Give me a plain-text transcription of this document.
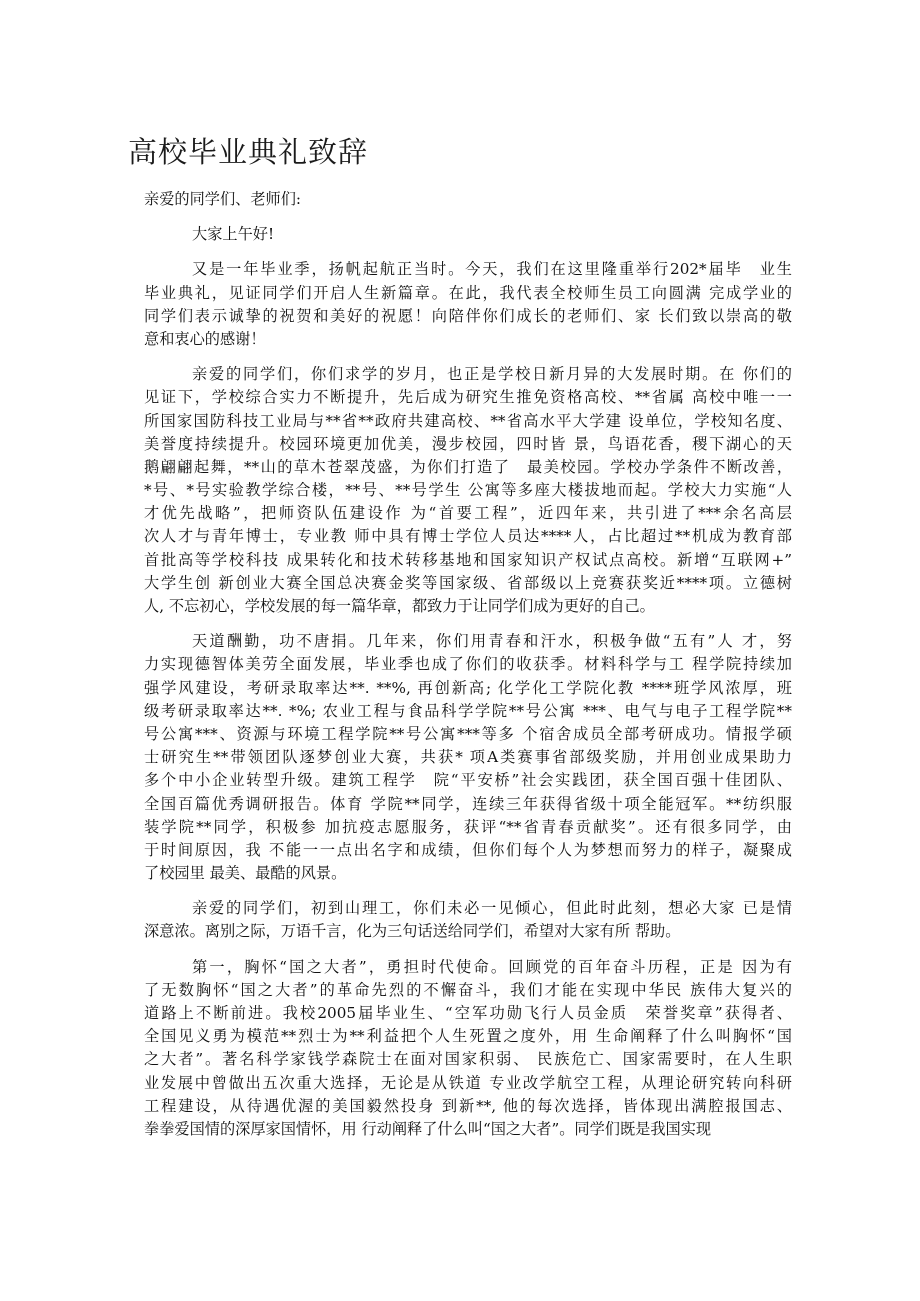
高校毕业典礼致辞
亲爱的同学们、老师们:
大家上午好!
又是一年毕业季，扬帆起航正当时。今天，我们在这里隆重举行202*届毕　业生
毕业典礼，见证同学们开启人生新篇章。在此，我代表全校师生员工向圆满 完成学业的
同学们表示诚挚的祝贺和美好的祝愿！向陪伴你们成长的老师们、家 长们致以崇高的敬
意和衷心的感谢！
亲爱的同学们，你们求学的岁月，也正是学校日新月异的大发展时期。在 你们的
见证下，学校综合实力不断提升，先后成为研究生推免资格高校、**省属 高校中唯一一
所国家国防科技工业局与**省**政府共建高校、**省高水平大学建 设单位，学校知名度、
美誉度持续提升。校园环境更加优美，漫步校园，四时皆 景，鸟语花香，稷下湖心的天
鹅翩翩起舞，**山的草木苍翠茂盛，为你们打造了　最美校园。学校办学条件不断改善，
*号、*号实验教学综合楼，**号、**号学生 公寓等多座大楼拔地而起。学校大力实施“人
才优先战略”，把师资队伍建设作 为“首要工程”，近四年来，共引进了***余名高层
次人才与青年博士，专业教 师中具有博士学位人员达****人，占比超过**机成为教育部
首批高等学校科技 成果转化和技术转移基地和国家知识产权试点高校。新增“互联网+”
大学生创 新创业大赛全国总决赛金奖等国家级、省部级以上竞赛获奖近****项。立德树
人, 不忘初心，学校发展的每一篇华章，都致力于让同学们成为更好的自己。
天道酬勤，功不唐捐。几年来，你们用青春和汗水，积极争做“五有”人 才，努
力实现德智体美劳全面发展，毕业季也成了你们的收获季。材料科学与工 程学院持续加
强学风建设，考研录取率达**. **%, 再创新高; 化学化工学院化教 ****班学风浓厚，班
级考研录取率达**. *%; 农业工程与食品科学学院**号公寓 ***、电气与电子工程学院**
号公寓***、资源与环境工程学院**号公寓***等多 个宿舍成员全部考研成功。情报学硕
士研究生**带领团队逐梦创业大赛，共获* 项A类赛事省部级奖励，并用创业成果助力
多个中小企业转型升级。建筑工程学　院“平安桥”社会实践团，获全国百强十佳团队、
全国百篇优秀调研报告。体育 学院**同学，连续三年获得省级十项全能冠军。**纺织服
装学院**同学，积极参 加抗疫志愿服务，获评“**省青春贡献奖”。还有很多同学，由
于时间原因，我 不能一一点出名字和成绩，但你们每个人为梦想而努力的样子，凝聚成
了校园里 最美、最酷的风景。
亲爱的同学们，初到山理工，你们未必一见倾心，但此时此刻，想必大家 已是情
深意浓。离别之际，万语千言，化为三句话送给同学们，希望对大家有所 帮助。
第一，胸怀“国之大者”，勇担时代使命。回顾党的百年奋斗历程，正是 因为有
了无数胸怀“国之大者”的革命先烈的不懈奋斗，我们才能在实现中华民 族伟大复兴的
道路上不断前进。我校2005届毕业生、“空军功勋飞行人员金质　荣誉奖章”获得者、
全国见义勇为模范**烈士为**利益把个人生死置之度外，用 生命阐释了什么叫胸怀“国
之大者”。著名科学家钱学森院士在面对国家积弱、 民族危亡、国家需要时，在人生职
业发展中曾做出五次重大选择，无论是从铁道 专业改学航空工程，从理论研究转向科研
工程建设，从待遇优渥的美国毅然投身 到新**, 他的每次选择，皆体现出满腔报国志、
拳拳爱国情的深厚家国情怀，用 行动阐释了什么叫“国之大者”。同学们既是我国实现
